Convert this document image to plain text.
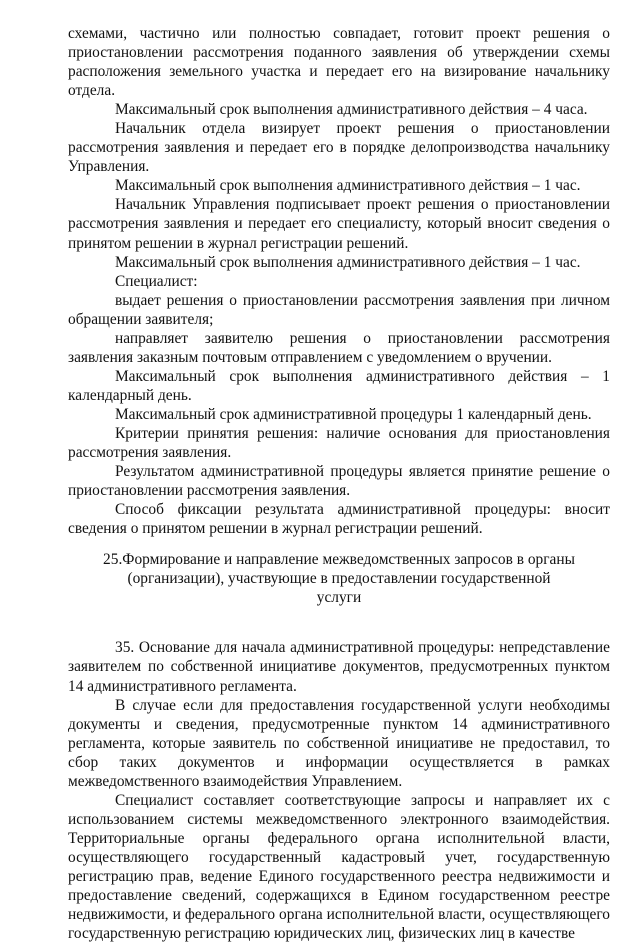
схемами, частично или полностью совпадает, готовит проект решения о приостановлении рассмотрения поданного заявления об утверждении схемы расположения земельного участка и передает его на визирование начальнику отдела.

Максимальный срок выполнения административного действия – 4 часа.

Начальник отдела визирует проект решения о приостановлении рассмотрения заявления и передает его в порядке делопроизводства начальнику Управления.

Максимальный срок выполнения административного действия – 1 час.

Начальник Управления подписывает проект решения о приостановлении рассмотрения заявления и передает его специалисту, который вносит сведения о принятом решении в журнал регистрации решений.

Максимальный срок выполнения административного действия – 1 час.

Специалист:

выдает решения о приостановлении рассмотрения заявления при личном обращении заявителя;

направляет заявителю решения о приостановлении рассмотрения заявления заказным почтовым отправлением с уведомлением о вручении.

Максимальный срок выполнения административного действия – 1 календарный день.

Максимальный срок административной процедуры 1 календарный день.

Критерии принятия решения: наличие основания для приостановления рассмотрения заявления.

Результатом административной процедуры является принятие решение о приостановлении рассмотрения заявления.

Способ фиксации результата административной процедуры: вносит сведения о принятом решении в журнал регистрации решений.

25.Формирование и направление межведомственных запросов в органы
(организации), участвующие в предоставлении государственной
услуги

35. Основание для начала административной процедуры: непредставление заявителем по собственной инициативе документов, предусмотренных пунктом 14 административного регламента.

В случае если для предоставления государственной услуги необходимы документы и сведения, предусмотренные пунктом 14 административного регламента, которые заявитель по собственной инициативе не предоставил, то сбор таких документов и информации осуществляется в рамках межведомственного взаимодействия Управлением.

Специалист составляет соответствующие запросы и направляет их с использованием системы межведомственного электронного взаимодействия. Территориальные органы федерального органа исполнительной власти, осуществляющего государственный кадастровый учет, государственную регистрацию прав, ведение Единого государственного реестра недвижимости и предоставление сведений, содержащихся в Едином государственном реестре недвижимости, и федерального органа исполнительной власти, осуществляющего государственную регистрацию юридических лиц, физических лиц в качестве
